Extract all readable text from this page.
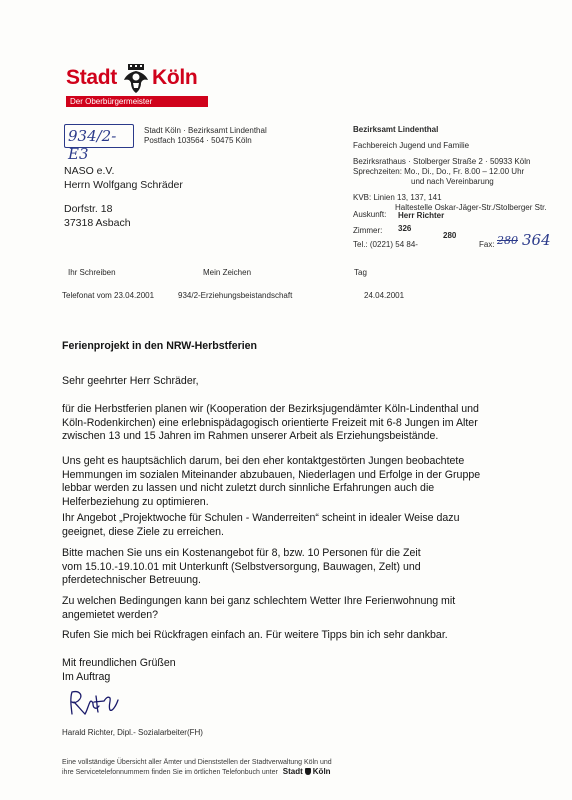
Stadt Köln
Der Oberbürgermeister
934/2-E3
Stadt Köln · Bezirksamt Lindenthal
Postfach 103564 · 50475 Köln
NASO e.V.
Herrn Wolfgang Schräder
Dorfstr. 18
37318 Asbach
Bezirksamt Lindenthal
Fachbereich Jugend und Familie
Bezirksrathaus · Stolberger Straße 2 · 50933 Köln
Sprechzeiten: Mo., Di., Do., Fr. 8.00 – 12.00 Uhr
und nach Vereinbarung
KVB: Linien 13, 137, 141
Haltestelle Oskar-Jäger-Str./Stolberger Str.
Auskunft: Herr Richter
Zimmer: 326
280
Tel.: (0221) 54 84-	Fax: 280 364
Ihr Schreiben	Mein Zeichen	Tag
Telefonat vom 23.04.2001	934/2-Erziehungsbeistandschaft	24.04.2001
Ferienprojekt in den NRW-Herbstferien
Sehr geehrter Herr Schräder,
für die Herbstferien planen wir (Kooperation der Bezirksjugendämter Köln-Lindenthal und
Köln-Rodenkirchen) eine erlebnispädagogisch orientierte Freizeit mit 6-8 Jungen im Alter
zwischen 13 und 15 Jahren im Rahmen unserer Arbeit als Erziehungsbeistände.
Uns geht es hauptsächlich darum, bei den eher kontaktgestörten Jungen beobachtete
Hemmungen im sozialen Miteinander abzubauen, Niederlagen und Erfolge in der Gruppe
lebbar werden zu lassen und nicht zuletzt durch sinnliche Erfahrungen auch die
Helferbeziehung zu optimieren.
Ihr Angebot „Projektwoche für Schulen - Wanderreiten“ scheint in idealer Weise dazu
geeignet, diese Ziele zu erreichen.
Bitte machen Sie uns ein Kostenangebot für 8, bzw. 10 Personen für die Zeit
vom 15.10.-19.10.01 mit Unterkunft (Selbstversorgung, Bauwagen, Zelt) und
pferdetechnischer Betreuung.
Zu welchen Bedingungen kann bei ganz schlechtem Wetter Ihre Ferienwohnung mit
angemietet werden?
Rufen Sie mich bei Rückfragen einfach an. Für weitere Tipps bin ich sehr dankbar.
Mit freundlichen Grüßen
Im Auftrag
Harald Richter, Dipl.- Sozialarbeiter(FH)
Eine vollständige Übersicht aller Ämter und Dienststellen der Stadtverwaltung Köln und
ihre Servicetelefonnummern finden Sie im örtlichen Telefonbuch unter Stadt Köln
